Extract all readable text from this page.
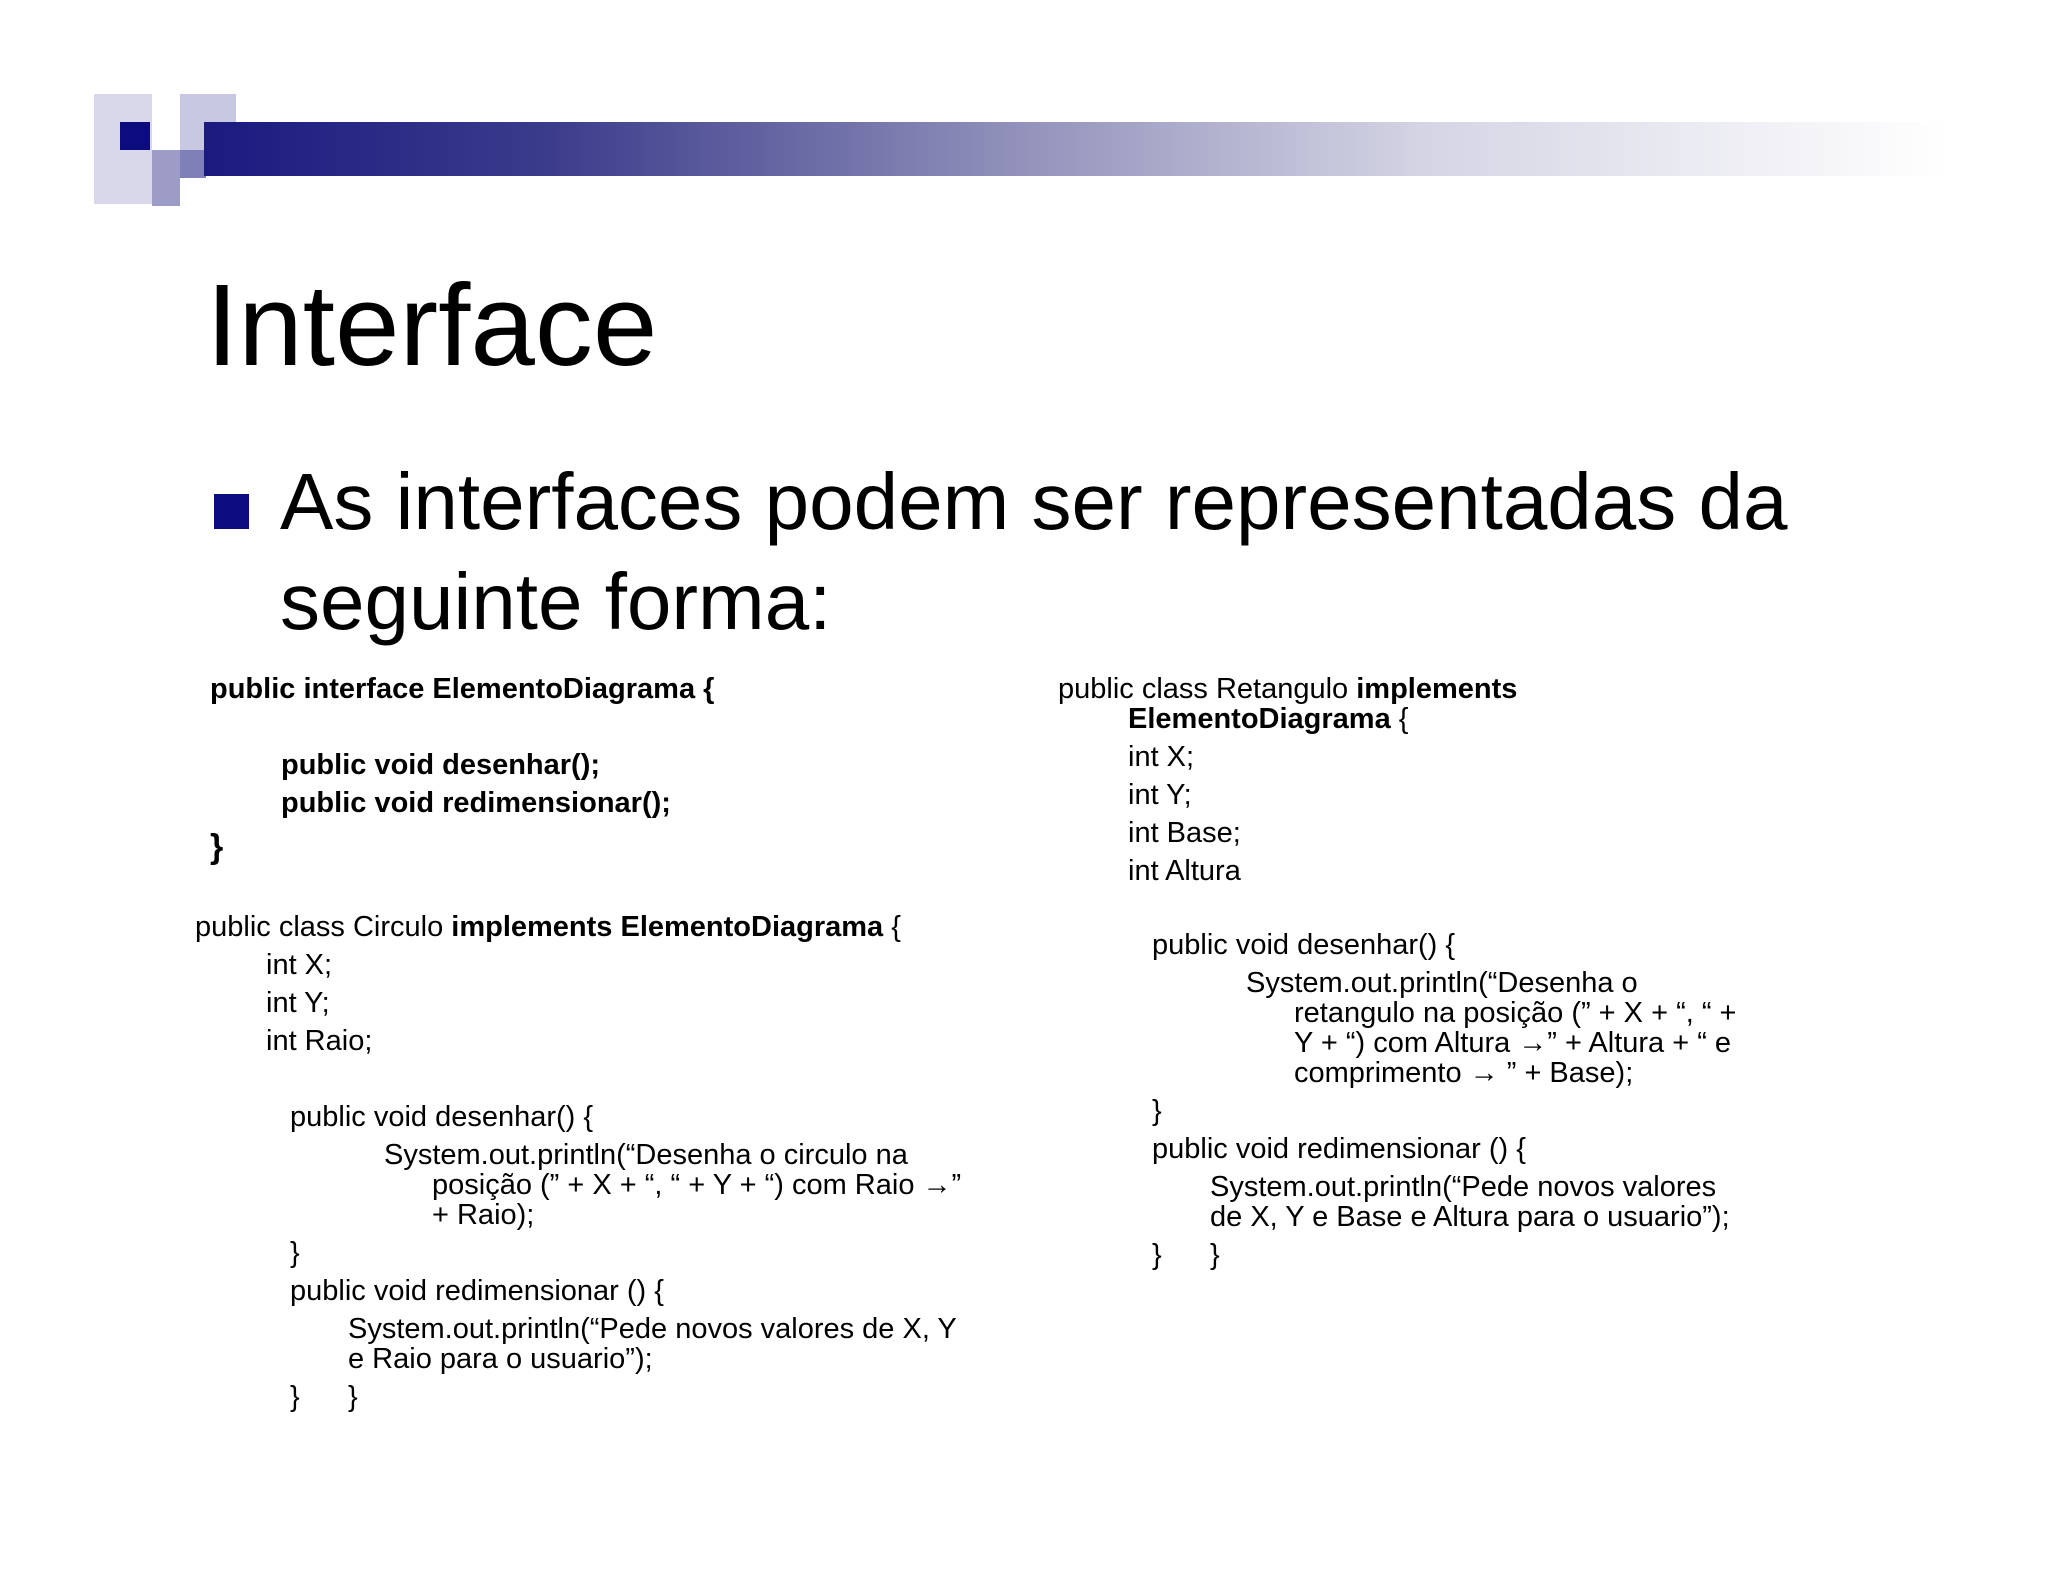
Interface

As interfaces podem ser representadas da seguinte forma:

public interface ElementoDiagrama {
public void desenhar();
public void redimensionar();
}
public class Circulo implements ElementoDiagrama {
int X;
int Y;
int Raio;
public void desenhar() {
System.out.println(“Desenha o circulo na
posição (” + X + “, “ + Y + “) com Raio →”
+ Raio);
}
public void redimensionar () {
System.out.println(“Pede novos valores de X, Y
e Raio para o usuario”);
} }
public class Retangulo implements
ElementoDiagrama {
int X;
int Y;
int Base;
int Altura
public void desenhar() {
System.out.println(“Desenha o
retangulo na posição (” + X + “, “ +
Y + “) com Altura →” + Altura + “ e
comprimento → ” + Base);
}
public void redimensionar () {
System.out.println(“Pede novos valores
de X, Y e Base e Altura para o usuario”);
} }
